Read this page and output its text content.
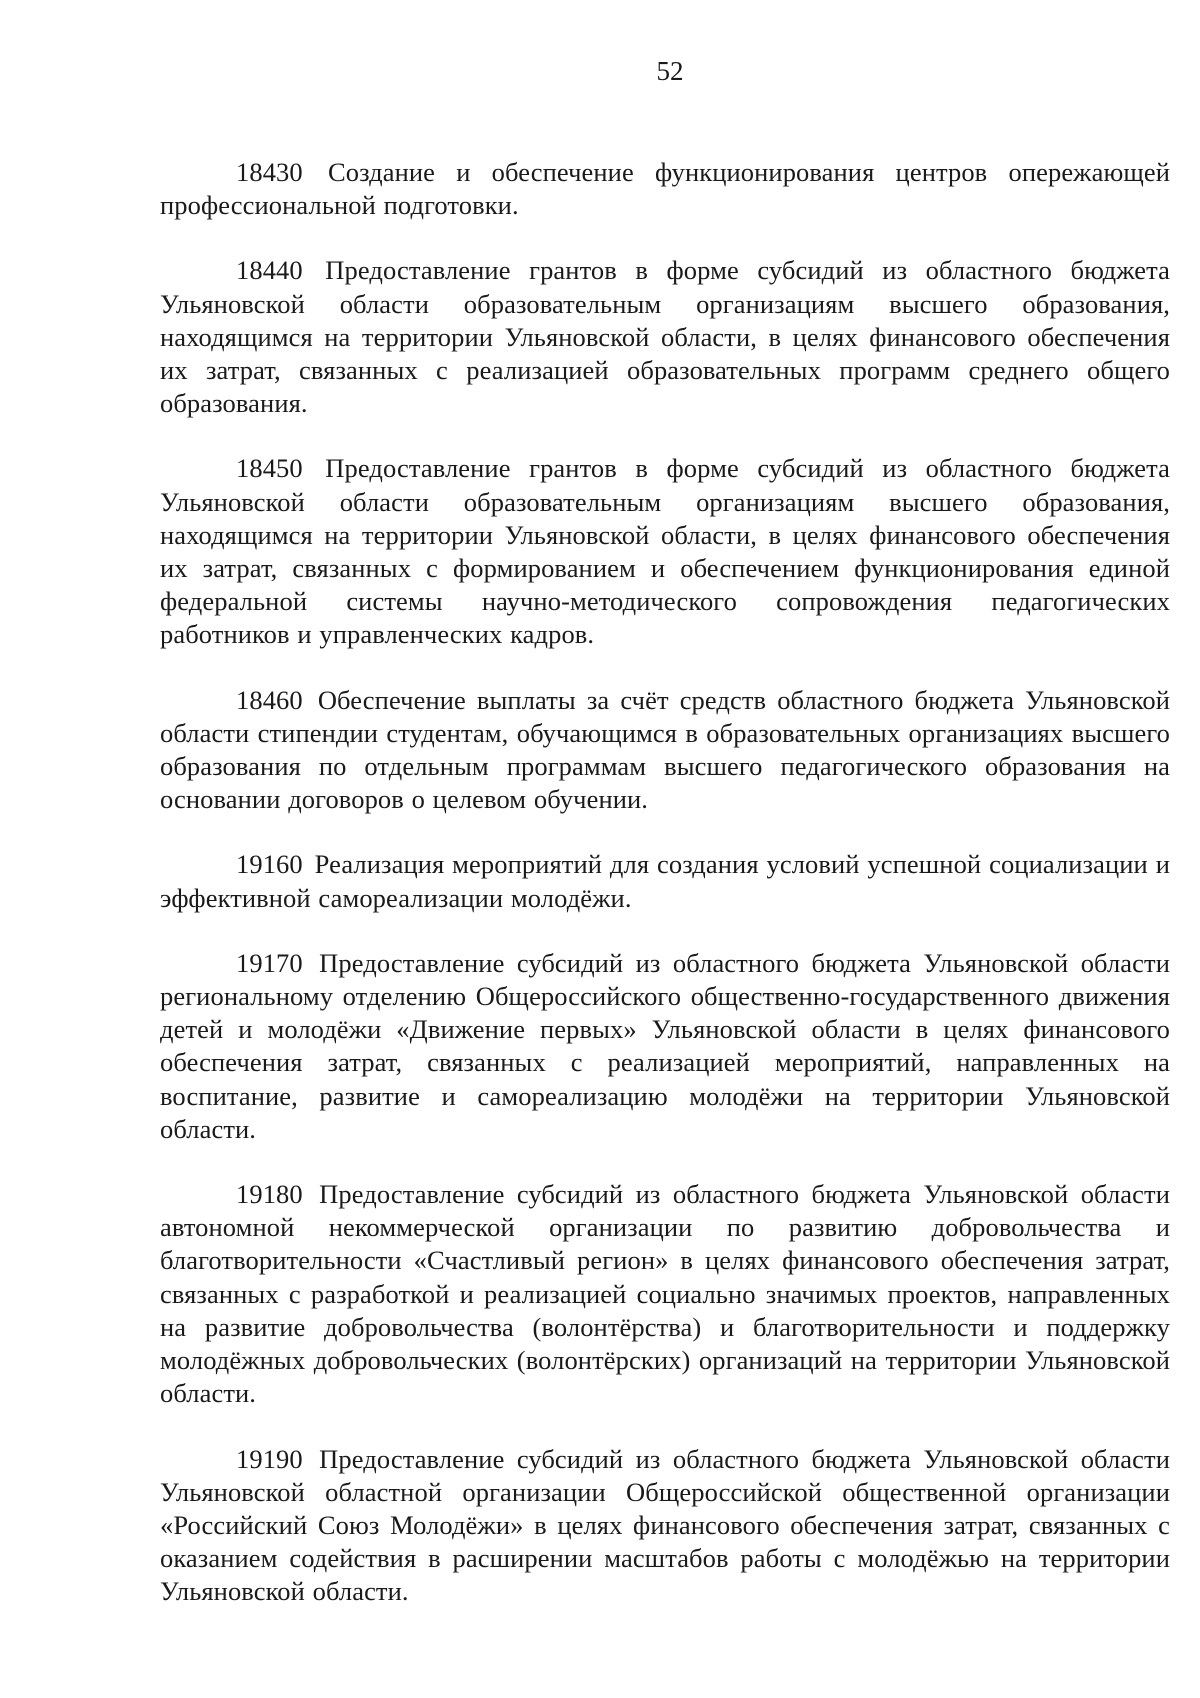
52

18430 Создание и обеспечение функционирования центров опережающей профессиональной подготовки.

18440 Предоставление грантов в форме субсидий из областного бюджета Ульяновской области образовательным организациям высшего образования, находящимся на территории Ульяновской области, в целях финансового обеспечения их затрат, связанных с реализацией образовательных программ среднего общего образования.

18450 Предоставление грантов в форме субсидий из областного бюджета Ульяновской области образовательным организациям высшего образования, находящимся на территории Ульяновской области, в целях финансового обеспечения их затрат, связанных с формированием и обеспечением функционирования единой федеральной системы научно-методического сопровождения педагогических работников и управленческих кадров.

18460 Обеспечение выплаты за счёт средств областного бюджета Ульяновской области стипендии студентам, обучающимся в образовательных организациях высшего образования по отдельным программам высшего педагогического образования на основании договоров о целевом обучении.

19160 Реализация мероприятий для создания условий успешной социализации и эффективной самореализации молодёжи.

19170 Предоставление субсидий из областного бюджета Ульяновской области региональному отделению Общероссийского общественно-государственного движения детей и молодёжи «Движение первых» Ульяновской области в целях финансового обеспечения затрат, связанных с реализацией мероприятий, направленных на воспитание, развитие и самореализацию молодёжи на территории Ульяновской области.

19180 Предоставление субсидий из областного бюджета Ульяновской области автономной некоммерческой организации по развитию добровольчества и благотворительности «Счастливый регион» в целях финансового обеспечения затрат, связанных с разработкой и реализацией социально значимых проектов, направленных на развитие добровольчества (волонтёрства) и благотворительности и поддержку молодёжных добровольческих (волонтёрских) организаций на территории Ульяновской области.

19190 Предоставление субсидий из областного бюджета Ульяновской области Ульяновской областной организации Общероссийской общественной организации «Российский Союз Молодёжи» в целях финансового обеспечения затрат, связанных с оказанием содействия в расширении масштабов работы с молодёжью на территории Ульяновской области.
